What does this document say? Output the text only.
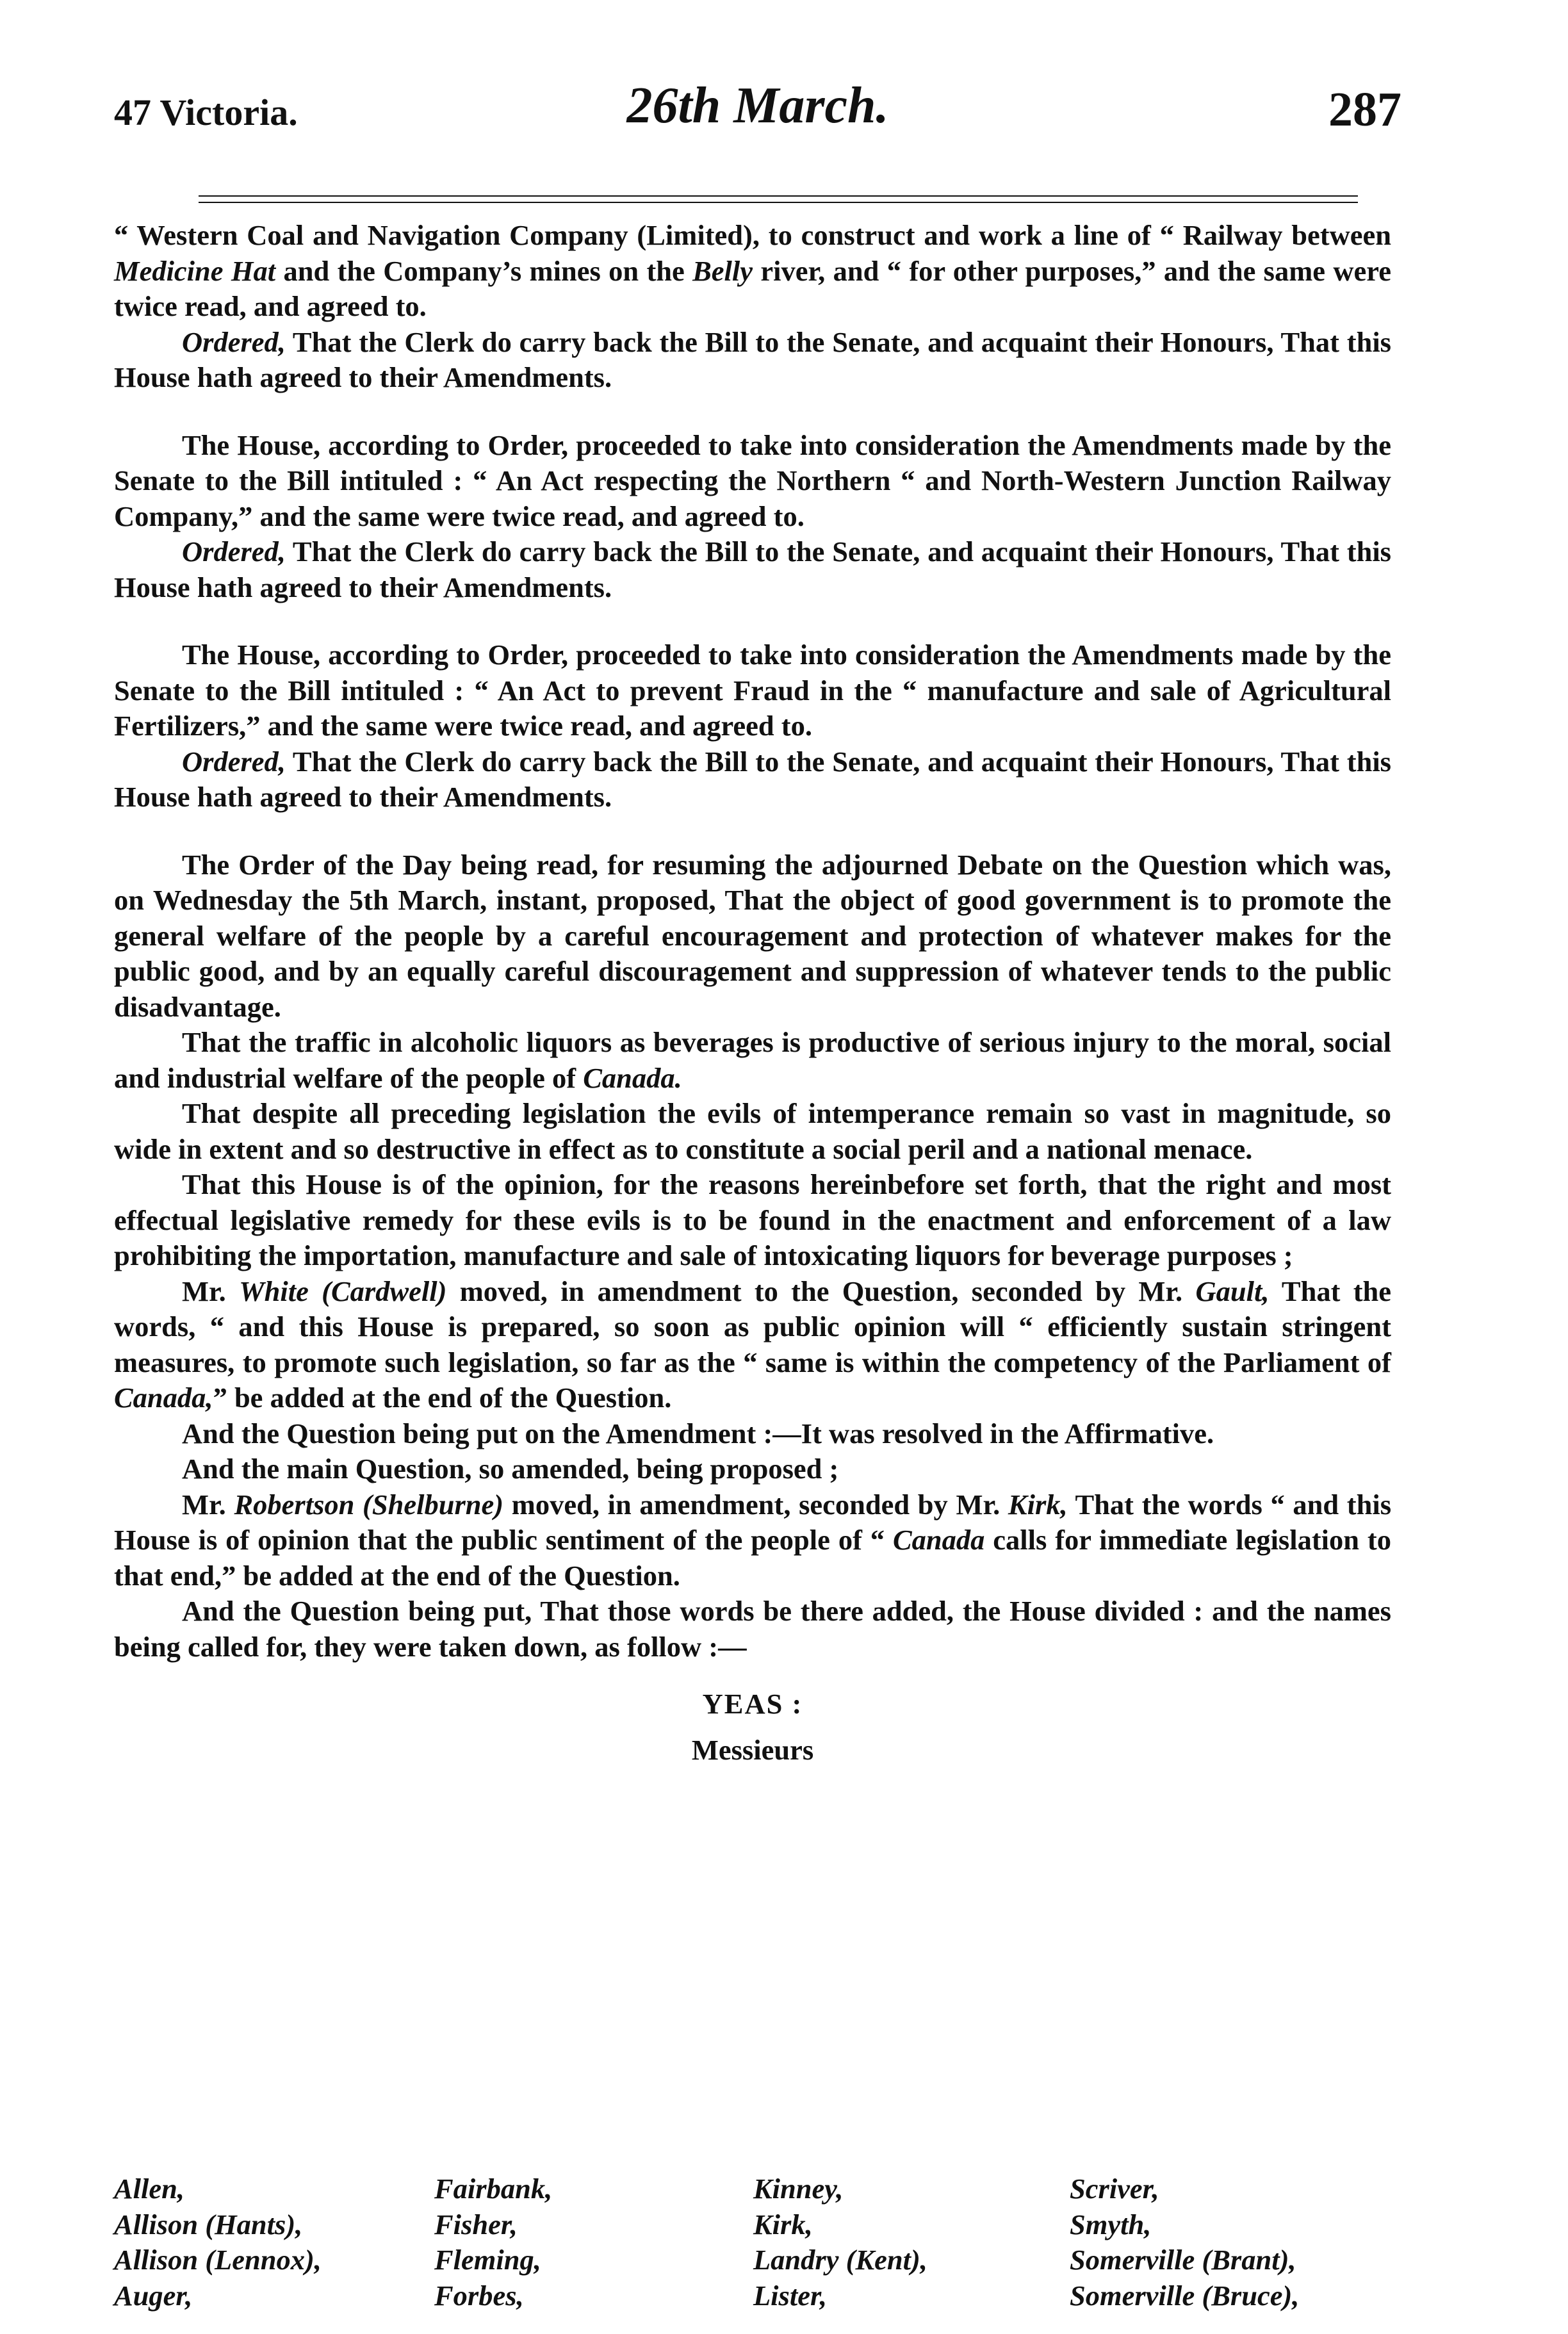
47 Victoria.	26th March.	287

“ Western Coal and Navigation Company (Limited), to construct and work a line of “ Railway between Medicine Hat and the Company’s mines on the Belly river, and “ for other purposes,” and the same were twice read, and agreed to.

Ordered, That the Clerk do carry back the Bill to the Senate, and acquaint their Honours, That this House hath agreed to their Amendments.

The House, according to Order, proceeded to take into consideration the Amendments made by the Senate to the Bill intituled : “ An Act respecting the Northern “ and North-Western Junction Railway Company,” and the same were twice read, and agreed to.

Ordered, That the Clerk do carry back the Bill to the Senate, and acquaint their Honours, That this House hath agreed to their Amendments.

The House, according to Order, proceeded to take into consideration the Amendments made by the Senate to the Bill intituled : “ An Act to prevent Fraud in the “ manufacture and sale of Agricultural Fertilizers,” and the same were twice read, and agreed to.

Ordered, That the Clerk do carry back the Bill to the Senate, and acquaint their Honours, That this House hath agreed to their Amendments.

The Order of the Day being read, for resuming the adjourned Debate on the Question which was, on Wednesday the 5th March, instant, proposed, That the object of good government is to promote the general welfare of the people by a careful encouragement and protection of whatever makes for the public good, and by an equally careful discouragement and suppression of whatever tends to the public disadvantage.

That the traffic in alcoholic liquors as beverages is productive of serious injury to the moral, social and industrial welfare of the people of Canada.

That despite all preceding legislation the evils of intemperance remain so vast in magnitude, so wide in extent and so destructive in effect as to constitute a social peril and a national menace.

That this House is of the opinion, for the reasons hereinbefore set forth, that the right and most effectual legislative remedy for these evils is to be found in the enactment and enforcement of a law prohibiting the importation, manufacture and sale of intoxicating liquors for beverage purposes ;

Mr. White (Cardwell) moved, in amendment to the Question, seconded by Mr. Gault, That the words, “ and this House is prepared, so soon as public opinion will “ efficiently sustain stringent measures, to promote such legislation, so far as the “ same is within the competency of the Parliament of Canada,” be added at the end of the Question.

And the Question being put on the Amendment :—It was resolved in the Affirmative.

And the main Question, so amended, being proposed ;

Mr. Robertson (Shelburne) moved, in amendment, seconded by Mr. Kirk, That the words “ and this House is of opinion that the public sentiment of the people of “ Canada calls for immediate legislation to that end,” be added at the end of the Question.

And the Question being put, That those words be there added, the House divided : and the names being called for, they were taken down, as follow :—

YEAS :
Messieurs
Allen,
Allison (Hants),
Allison (Lennox),
Auger,
Fairbank,
Fisher,
Fleming,
Forbes,
Kinney,
Kirk,
Landry (Kent),
Lister,
Scriver,
Smyth,
Somerville (Brant),
Somerville (Bruce),
